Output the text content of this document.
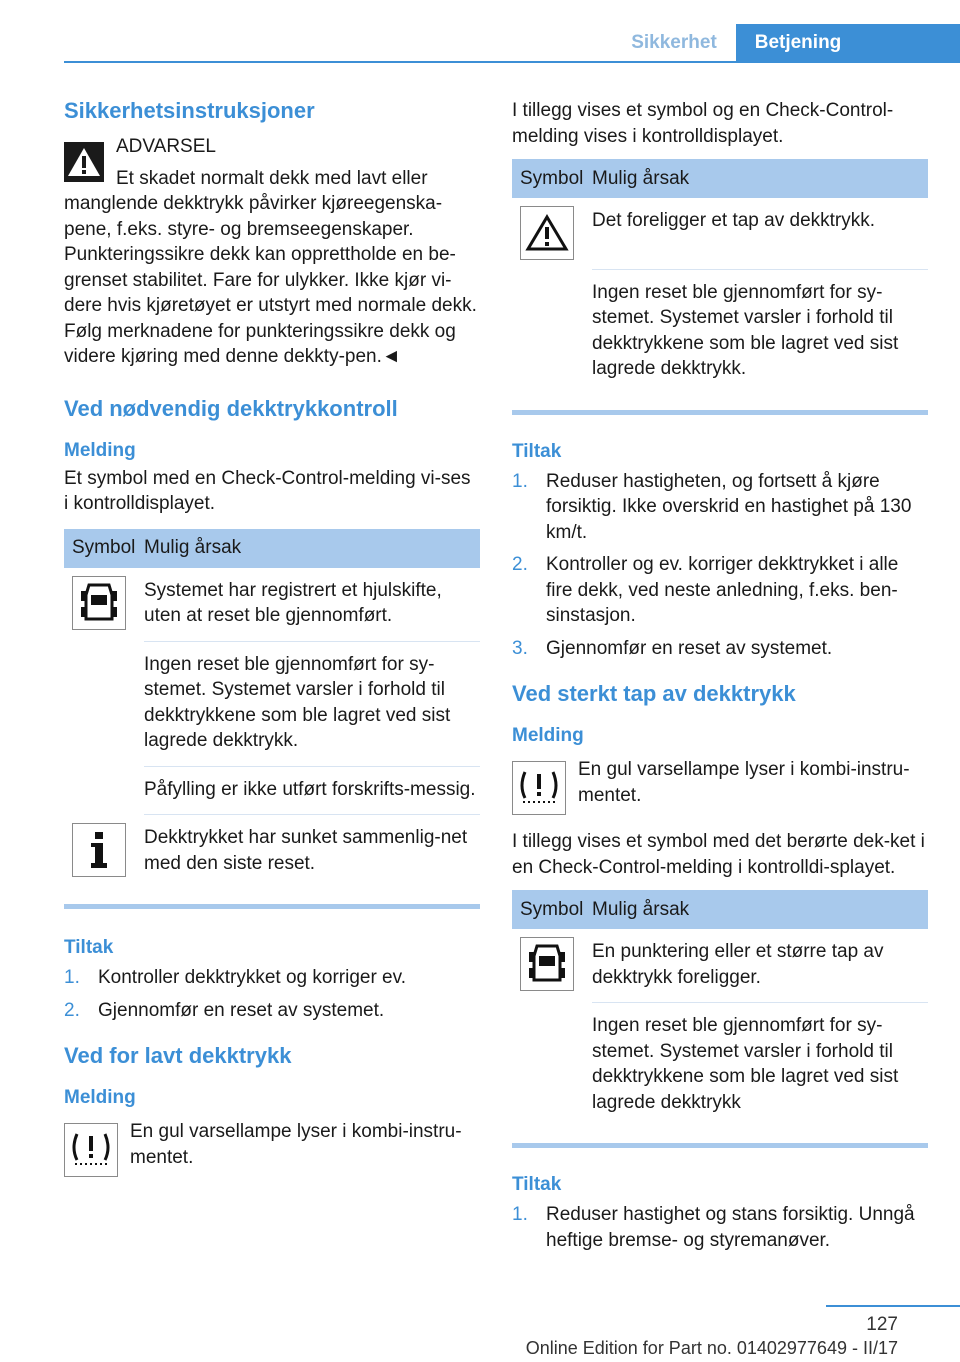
Sikkerhet	Betjening
Sikkerhetsinstruksjoner
ADVARSEL
Et skadet normalt dekk med lavt eller manglende dekktrykk påvirker kjøreegenska-pene, f.eks. styre- og bremseegenskaper. Punkteringssikre dekk kan opprettholde en be-grenset stabilitet. Fare for ulykker. Ikke kjør vi-dere hvis kjøretøyet er utstyrt med normale dekk. Følg merknadene for punkteringssikre dekk og videre kjøring med denne dekkty-pen.◄
Ved nødvendig dekktrykkontroll
Melding
Et symbol med en Check-Control-melding vi-ses i kontrolldisplayet.
Symbol Mulig årsak
Systemet har registrert et hjulskifte, uten at reset ble gjennomført.
Ingen reset ble gjennomført for sy-stemet. Systemet varsler i forhold til dekktrykkene som ble lagret ved sist lagrede dekktrykk.
Påfylling er ikke utført forskrifts-messig.
Dekktrykket har sunket sammenlig-net med den siste reset.
Tiltak
1. Kontroller dekktrykket og korriger ev.
2. Gjennomfør en reset av systemet.
Ved for lavt dekktrykk
Melding
En gul varsellampe lyser i kombi-instru-mentet.
I tillegg vises et symbol og en Check-Control-melding vises i kontrolldisplayet.
Symbol Mulig årsak
Det foreligger et tap av dekktrykk.
Ingen reset ble gjennomført for sy-stemet. Systemet varsler i forhold til dekktrykkene som ble lagret ved sist lagrede dekktrykk.
Tiltak
1. Reduser hastigheten, og fortsett å kjøre forsiktig. Ikke overskrid en hastighet på 130 km/t.
2. Kontroller og ev. korriger dekktrykket i alle fire dekk, ved neste anledning, f.eks. ben-sinstasjon.
3. Gjennomfør en reset av systemet.
Ved sterkt tap av dekktrykk
Melding
En gul varsellampe lyser i kombi-instru-mentet.
I tillegg vises et symbol med det berørte dek-ket i en Check-Control-melding i kontrolldi-splayet.
Symbol Mulig årsak
En punktering eller et større tap av dekktrykk foreligger.
Ingen reset ble gjennomført for sy-stemet. Systemet varsler i forhold til dekktrykkene som ble lagret ved sist lagrede dekktrykk
Tiltak
1. Reduser hastighet og stans forsiktig. Unngå heftige bremse- og styremanøver.
127
Online Edition for Part no. 01402977649 - II/17
